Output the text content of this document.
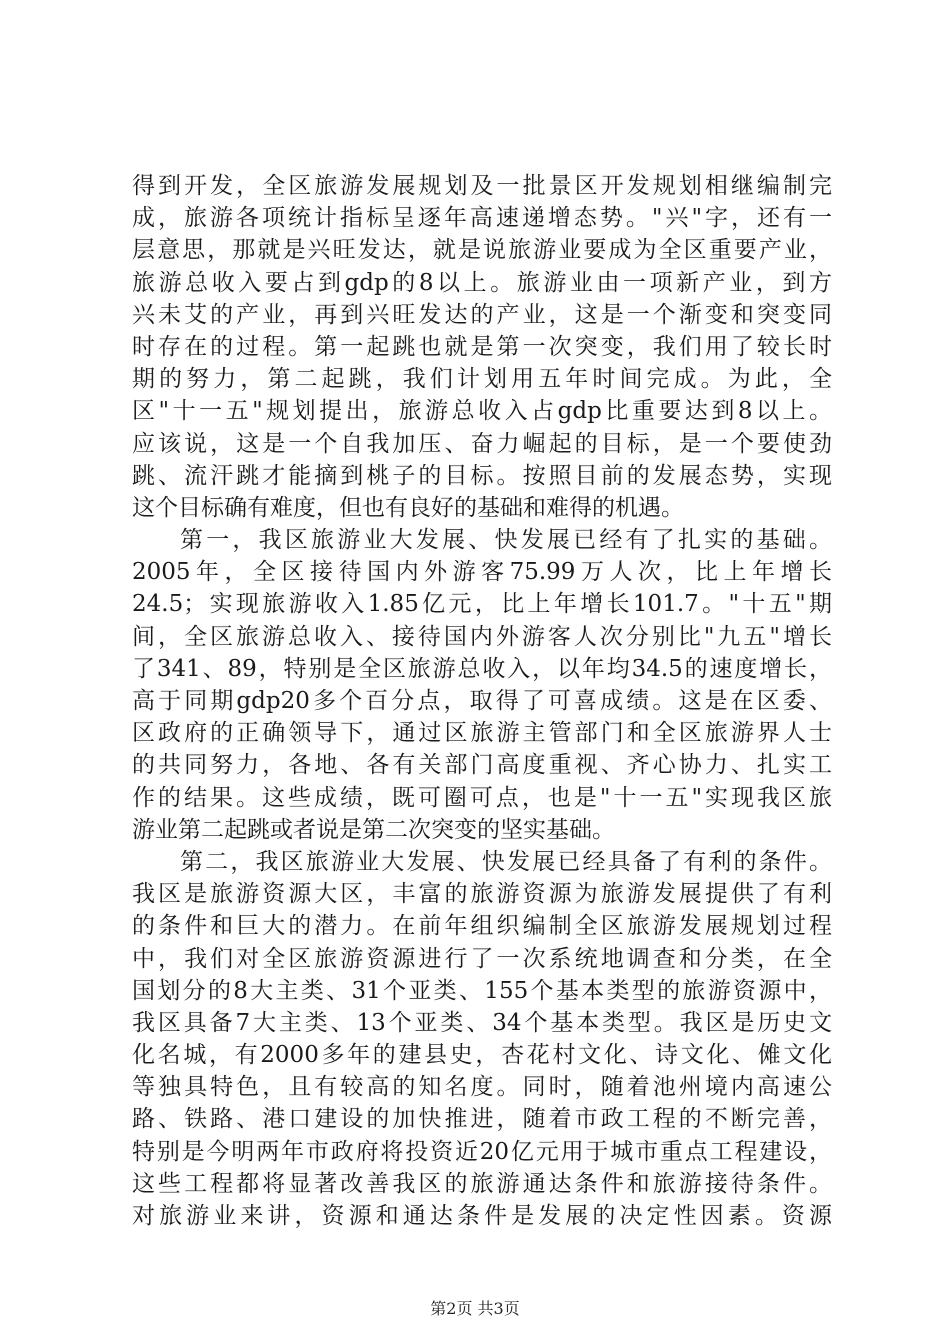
得到开发，全区旅游发展规划及一批景区开发规划相继编制完
成，旅游各项统计指标呈逐年高速递增态势。"兴"字，还有一
层意思，那就是兴旺发达，就是说旅游业要成为全区重要产业，
旅游总收入要占到gdp的8以上。旅游业由一项新产业，到方
兴未艾的产业，再到兴旺发达的产业，这是一个渐变和突变同
时存在的过程。第一起跳也就是第一次突变，我们用了较长时
期的努力，第二起跳，我们计划用五年时间完成。为此，全
区"十一五"规划提出，旅游总收入占gdp比重要达到8以上。
应该说，这是一个自我加压、奋力崛起的目标，是一个要使劲
跳、流汗跳才能摘到桃子的目标。按照目前的发展态势，实现
这个目标确有难度，但也有良好的基础和难得的机遇。
第一，我区旅游业大发展、快发展已经有了扎实的基础。
2005年，全区接待国内外游客75.99万人次，比上年增长
24.5；实现旅游收入1.85亿元，比上年增长101.7。"十五"期
间，全区旅游总收入、接待国内外游客人次分别比"九五"增长
了341、89，特别是全区旅游总收入，以年均34.5的速度增长，
高于同期gdp20多个百分点，取得了可喜成绩。这是在区委、
区政府的正确领导下，通过区旅游主管部门和全区旅游界人士
的共同努力，各地、各有关部门高度重视、齐心协力、扎实工
作的结果。这些成绩，既可圈可点，也是"十一五"实现我区旅
游业第二起跳或者说是第二次突变的坚实基础。
第二，我区旅游业大发展、快发展已经具备了有利的条件。
我区是旅游资源大区，丰富的旅游资源为旅游发展提供了有利
的条件和巨大的潜力。在前年组织编制全区旅游发展规划过程
中，我们对全区旅游资源进行了一次系统地调查和分类，在全
国划分的8大主类、31个亚类、155个基本类型的旅游资源中，
我区具备7大主类、13个亚类、34个基本类型。我区是历史文
化名城，有2000多年的建县史，杏花村文化、诗文化、傩文化
等独具特色，且有较高的知名度。同时，随着池州境内高速公
路、铁路、港口建设的加快推进，随着市政工程的不断完善，
特别是今明两年市政府将投资近20亿元用于城市重点工程建设，
这些工程都将显著改善我区的旅游通达条件和旅游接待条件。
对旅游业来讲，资源和通达条件是发展的决定性因素。资源
第2页 共3页
